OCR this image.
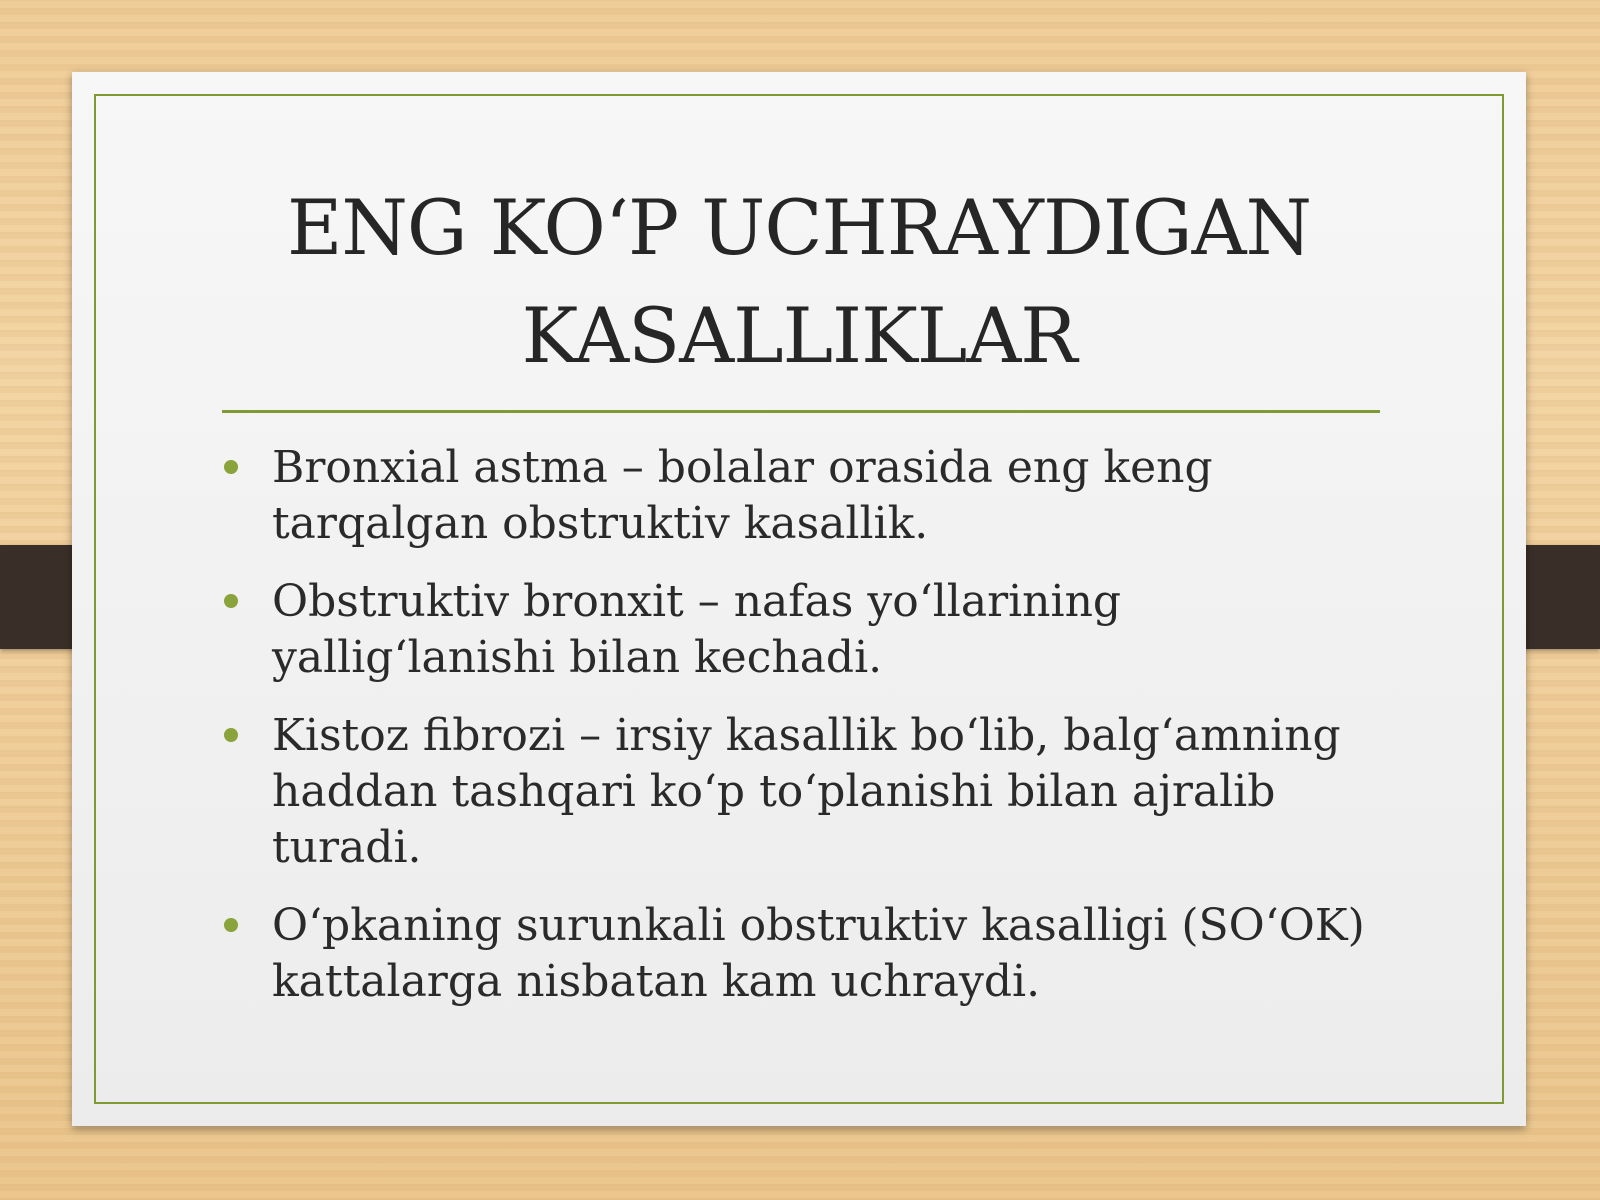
ENG KO‘P UCHRAYDIGAN
KASALLIKLAR
Bronxial astma – bolalar orasida eng keng tarqalgan obstruktiv kasallik.
Obstruktiv bronxit – nafas yo‘llarining yallig‘lanishi bilan kechadi.
Kistoz fibrozi – irsiy kasallik bo‘lib, balg‘amning haddan tashqari ko‘p to‘planishi bilan ajralib turadi.
O‘pkaning surunkali obstruktiv kasalligi (SO‘OK) kattalarga nisbatan kam uchraydi.
